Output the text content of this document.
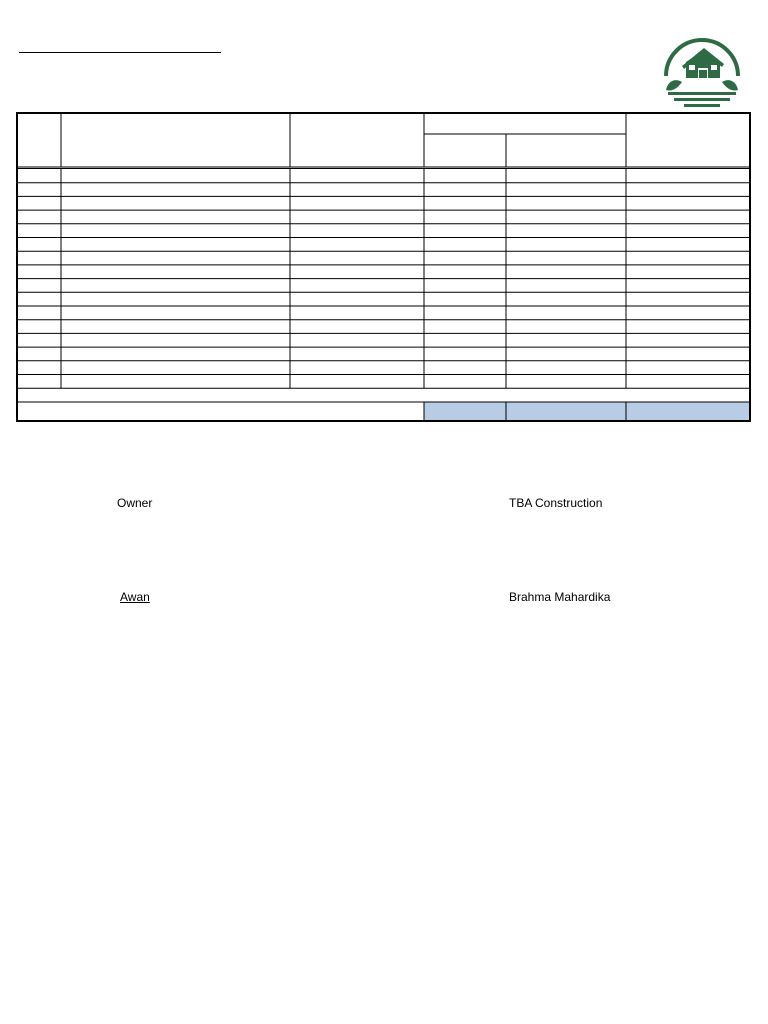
Owner	TBA Construction
Awan	Brahma Mahardika
